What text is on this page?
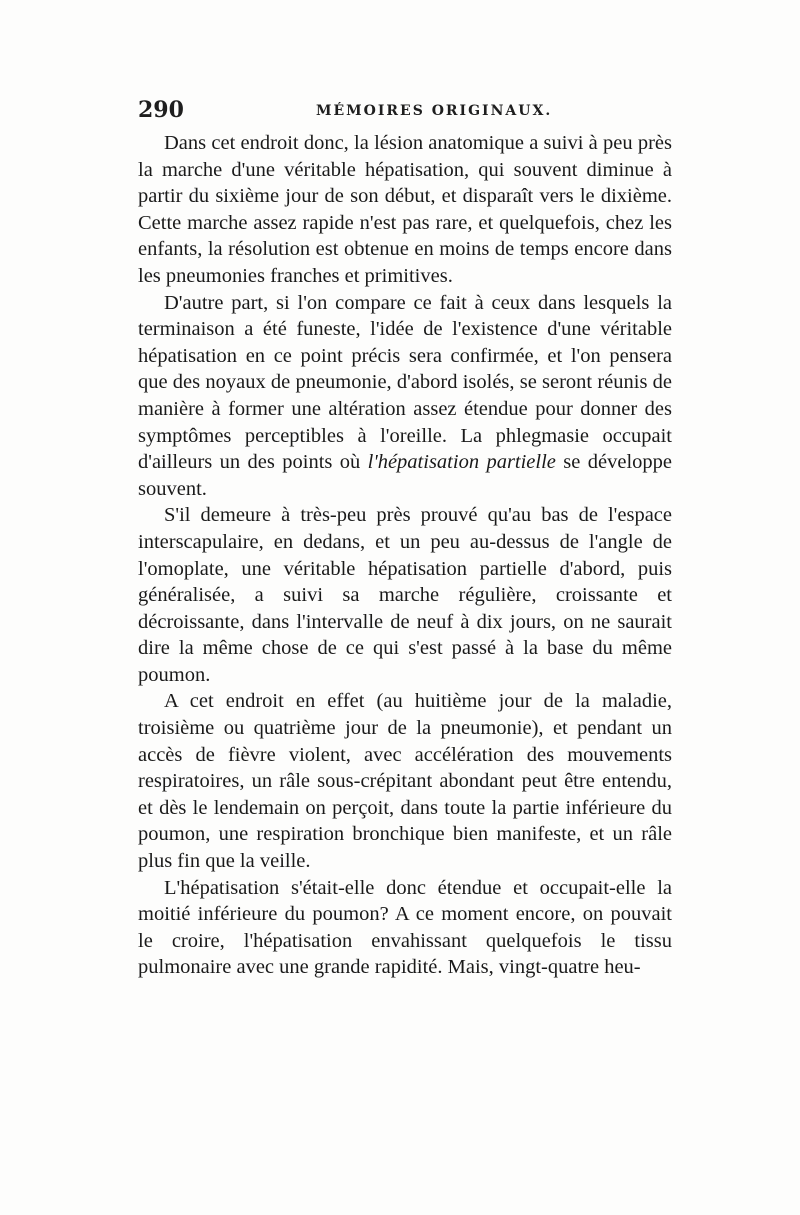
290	MÉMOIRES ORIGINAUX.

Dans cet endroit donc, la lésion anatomique a suivi à peu près la marche d'une véritable hépatisation, qui souvent diminue à partir du sixième jour de son début, et disparaît vers le dixième. Cette marche assez rapide n'est pas rare, et quelquefois, chez les enfants, la résolution est obtenue en moins de temps encore dans les pneumonies franches et primitives.

D'autre part, si l'on compare ce fait à ceux dans lesquels la terminaison a été funeste, l'idée de l'existence d'une véritable hépatisation en ce point précis sera confirmée, et l'on pensera que des noyaux de pneumonie, d'abord isolés, se seront réunis de manière à former une altération assez étendue pour donner des symptômes perceptibles à l'oreille. La phlegmasie occupait d'ailleurs un des points où l'hépatisation partielle se développe souvent.

S'il demeure à très-peu près prouvé qu'au bas de l'espace interscapulaire, en dedans, et un peu au-dessus de l'angle de l'omoplate, une véritable hépatisation partielle d'abord, puis généralisée, a suivi sa marche régulière, croissante et décroissante, dans l'intervalle de neuf à dix jours, on ne saurait dire la même chose de ce qui s'est passé à la base du même poumon.

A cet endroit en effet (au huitième jour de la maladie, troisième ou quatrième jour de la pneumonie), et pendant un accès de fièvre violent, avec accélération des mouvements respiratoires, un râle sous-crépitant abondant peut être entendu, et dès le lendemain on perçoit, dans toute la partie inférieure du poumon, une respiration bronchique bien manifeste, et un râle plus fin que la veille.

L'hépatisation s'était-elle donc étendue et occupait-elle la moitié inférieure du poumon? A ce moment encore, on pouvait le croire, l'hépatisation envahissant quelquefois le tissu pulmonaire avec une grande rapidité. Mais, vingt-quatre heu-
